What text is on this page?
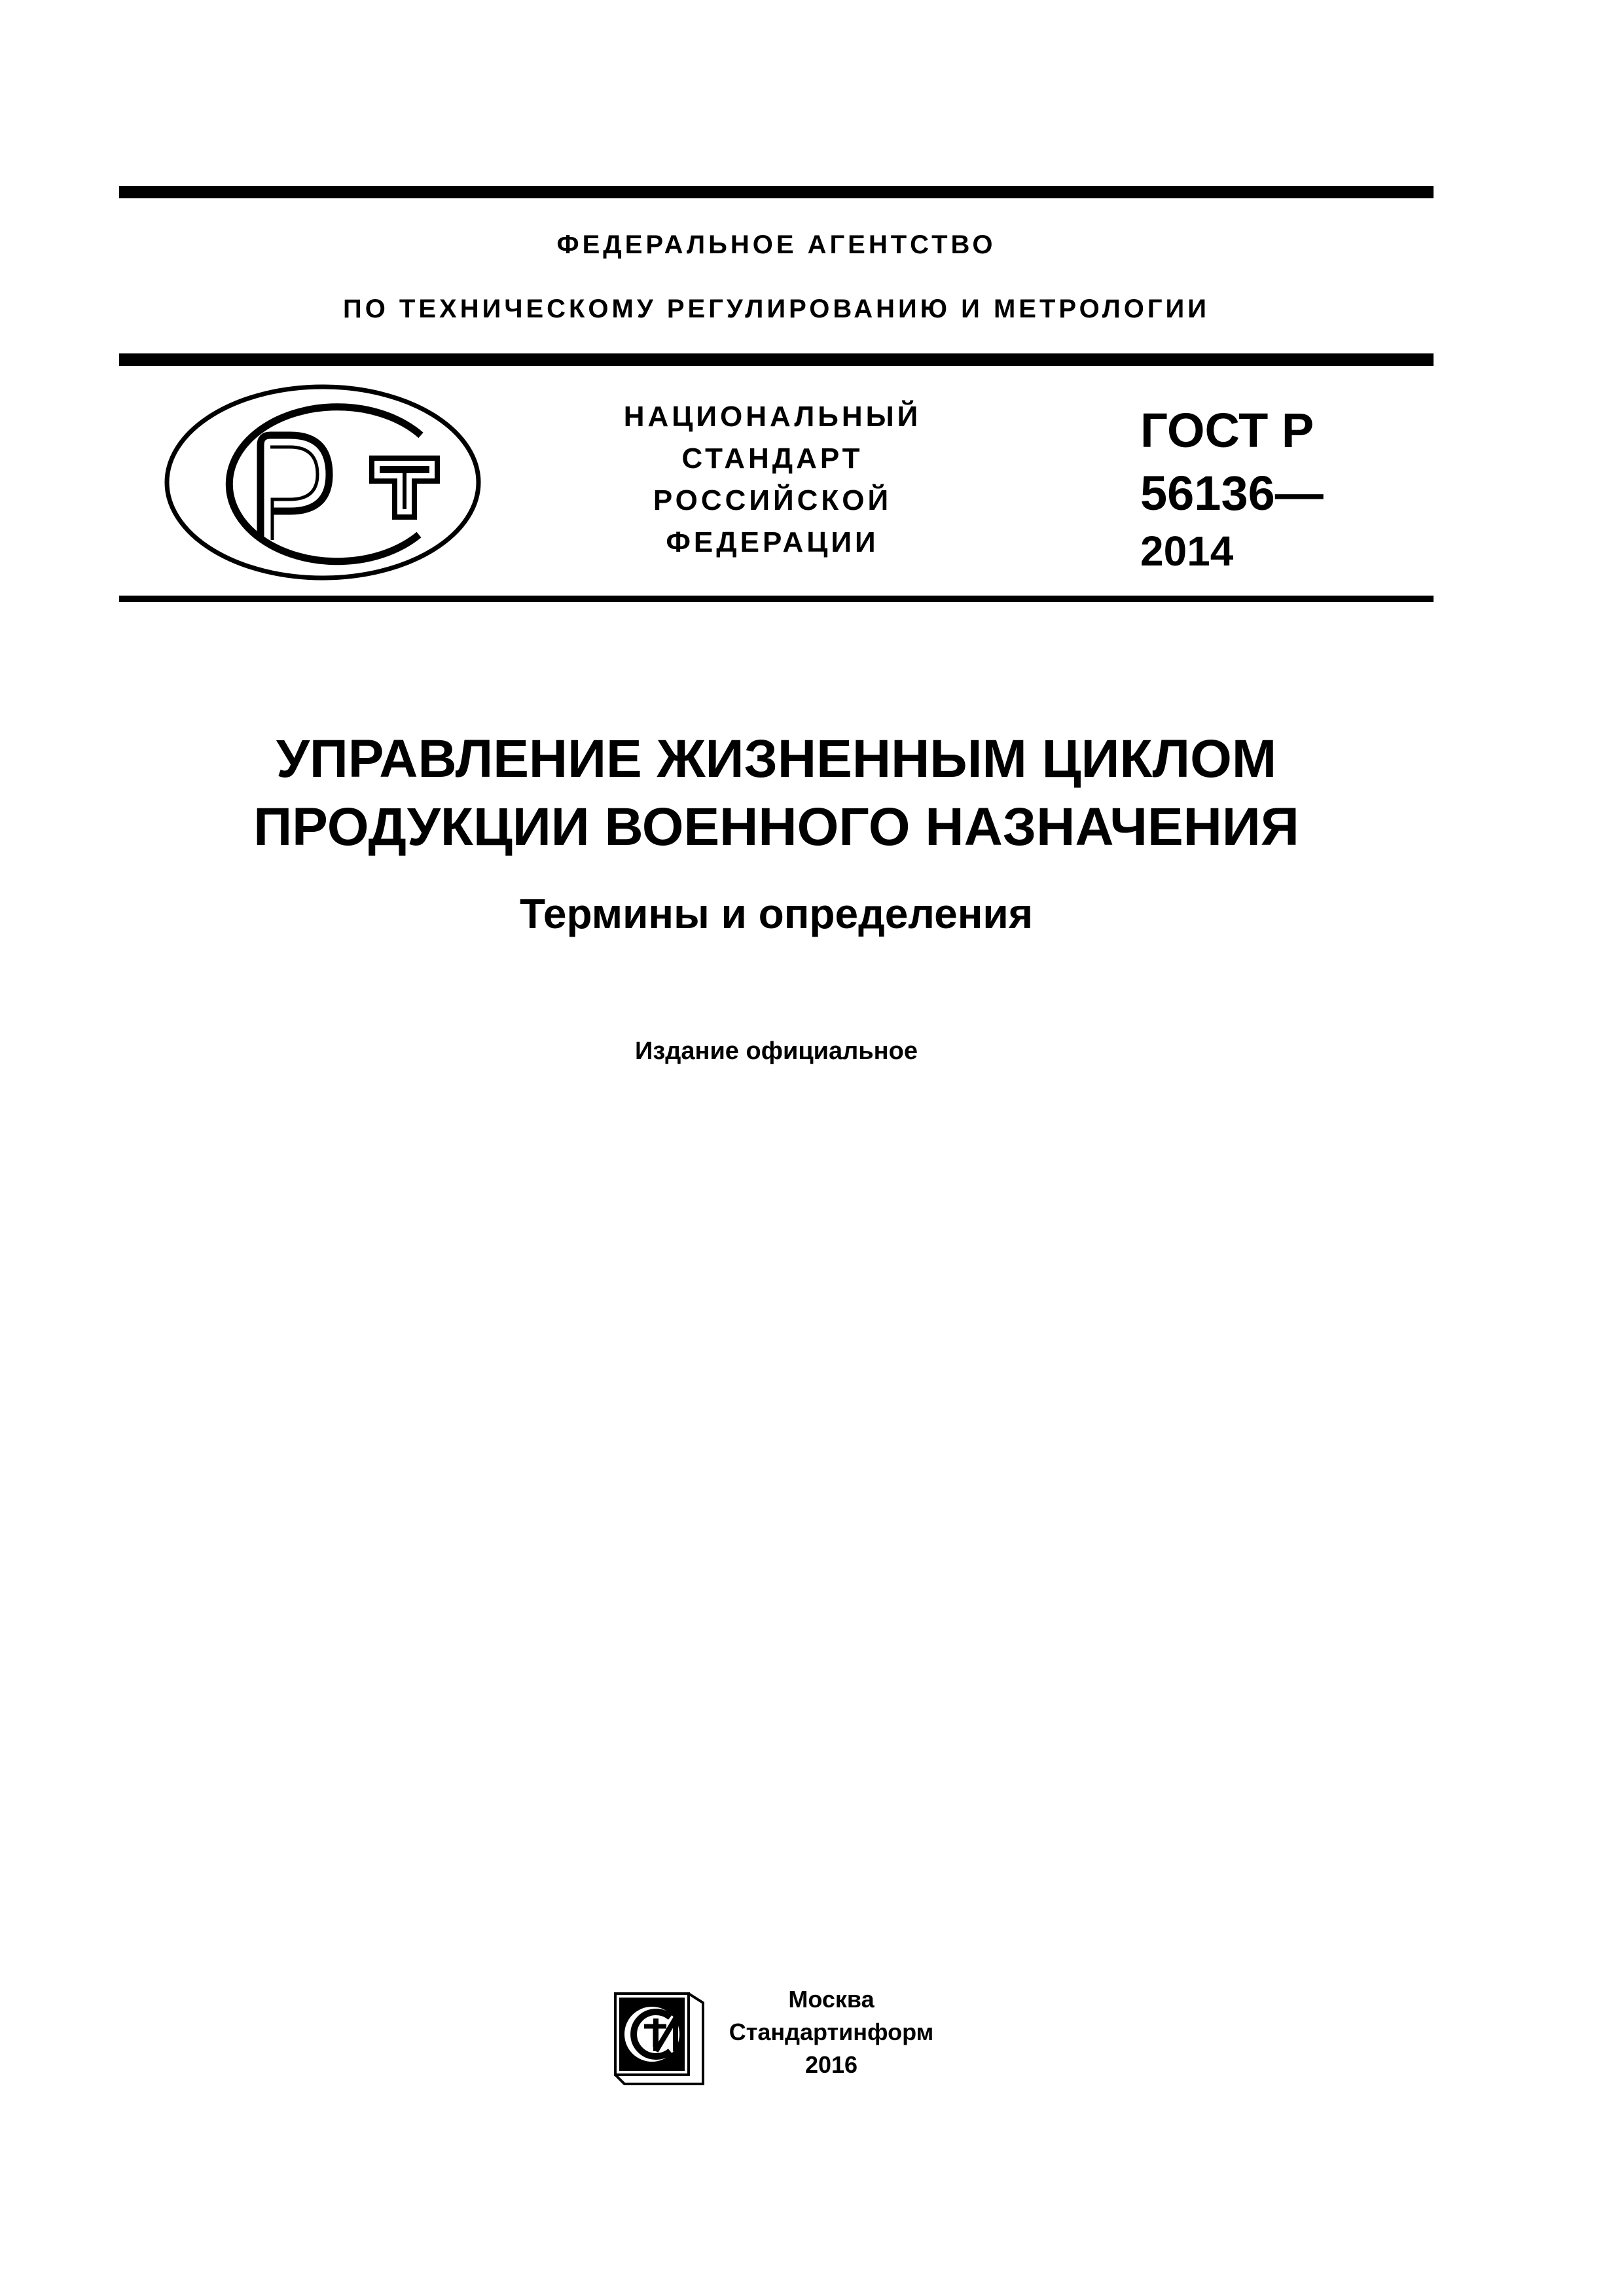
ФЕДЕРАЛЬНОЕ АГЕНТСТВО
ПО ТЕХНИЧЕСКОМУ РЕГУЛИРОВАНИЮ И МЕТРОЛОГИИ
РСТ
НАЦИОНАЛЬНЫЙ
СТАНДАРТ
РОССИЙСКОЙ
ФЕДЕРАЦИИ
ГОСТ Р
56136—
2014
УПРАВЛЕНИЕ ЖИЗНЕННЫМ ЦИКЛОМ
ПРОДУКЦИИ ВОЕННОГО НАЗНАЧЕНИЯ
Термины и определения
Издание официальное
Москва
Стандартинформ
2016
